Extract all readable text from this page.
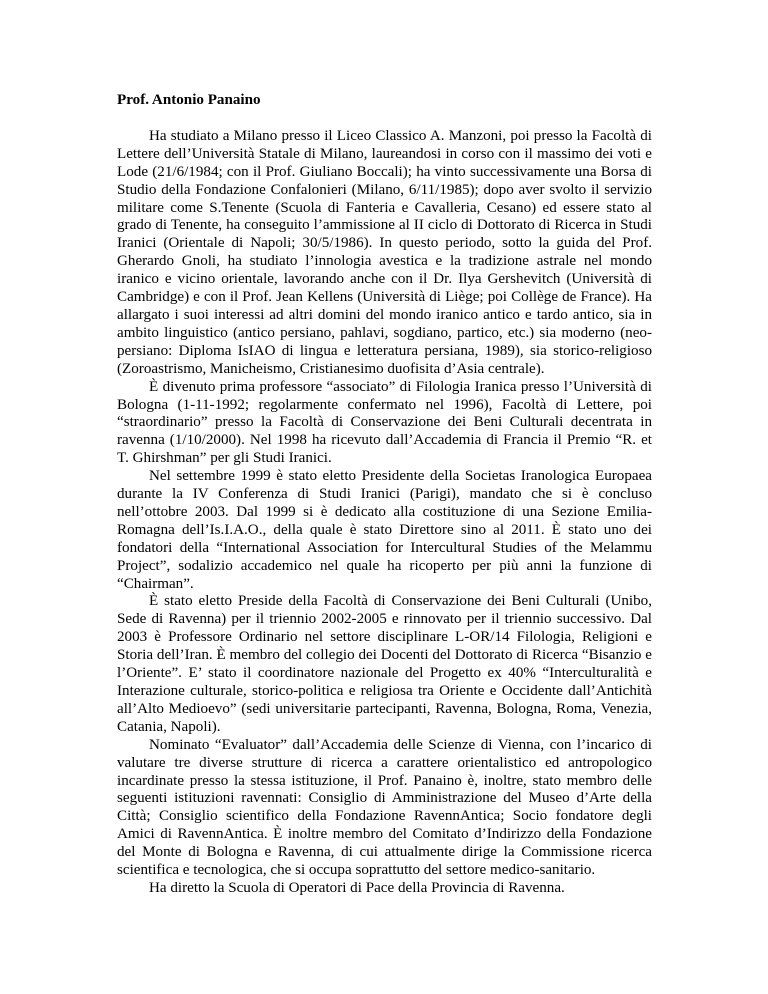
Prof. Antonio Panaino

Ha studiato a Milano presso il Liceo Classico A. Manzoni, poi presso la Facoltà di Lettere dell’Università Statale di Milano, laureandosi in corso con il massimo dei voti e Lode (21/6/1984; con il Prof. Giuliano Boccali); ha vinto successivamente una Borsa di Studio della Fondazione Confalonieri (Milano, 6/11/1985); dopo aver svolto il servizio militare come S.Tenente (Scuola di Fanteria e Cavalleria, Cesano) ed essere stato al grado di Tenente, ha conseguito l’ammissione al II ciclo di Dottorato di Ricerca in Studi Iranici (Orientale di Napoli; 30/5/1986). In questo periodo, sotto la guida del Prof. Gherardo Gnoli, ha studiato l’innologia avestica e la tradizione astrale nel mondo iranico e vicino orientale, lavorando anche con il Dr. Ilya Gershevitch (Università di Cambridge) e con il Prof. Jean Kellens (Università di Liège; poi Collège de France). Ha allargato i suoi interessi ad altri domini del mondo iranico antico e tardo antico, sia in ambito linguistico (antico persiano, pahlavi, sogdiano, partico, etc.) sia moderno (neo-persiano: Diploma IsIAO di lingua e letteratura persiana, 1989), sia storico-religioso (Zoroastrismo, Manicheismo, Cristianesimo duofisita d’Asia centrale).

È divenuto prima professore “associato” di Filologia Iranica presso l’Università di Bologna (1-11-1992; regolarmente confermato nel 1996), Facoltà di Lettere, poi “straordinario” presso la Facoltà di Conservazione dei Beni Culturali decentrata in ravenna (1/10/2000). Nel 1998 ha ricevuto dall’Accademia di Francia il Premio “R. et T. Ghirshman” per gli Studi Iranici.

Nel settembre 1999 è stato eletto Presidente della Societas Iranologica Europaea durante la IV Conferenza di Studi Iranici (Parigi), mandato che si è concluso nell’ottobre 2003. Dal 1999 si è dedicato alla costituzione di una Sezione Emilia-Romagna dell’Is.I.A.O., della quale è stato Direttore sino al 2011. È stato uno dei fondatori della “International Association for Intercultural Studies of the Melammu Project”, sodalizio accademico nel quale ha ricoperto per più anni la funzione di “Chairman”.

È stato eletto Preside della Facoltà di Conservazione dei Beni Culturali (Unibo, Sede di Ravenna) per il triennio 2002-2005 e rinnovato per il triennio successivo. Dal 2003 è Professore Ordinario nel settore disciplinare L-OR/14 Filologia, Religioni e Storia dell’Iran. È membro del collegio dei Docenti del Dottorato di Ricerca “Bisanzio e l’Oriente”. E’ stato il coordinatore nazionale del Progetto ex 40% “Interculturalità e Interazione culturale, storico-politica e religiosa tra Oriente e Occidente dall’Antichità all’Alto Medioevo” (sedi universitarie partecipanti, Ravenna, Bologna, Roma, Venezia, Catania, Napoli).

Nominato “Evaluator” dall’Accademia delle Scienze di Vienna, con l’incarico di valutare tre diverse strutture di ricerca a carattere orientalistico ed antropologico incardinate presso la stessa istituzione, il Prof. Panaino è, inoltre, stato membro delle seguenti istituzioni ravennati: Consiglio di Amministrazione del Museo d’Arte della Città; Consiglio scientifico della Fondazione RavennAntica; Socio fondatore degli Amici di RavennAntica. È inoltre membro del Comitato d’Indirizzo della Fondazione del Monte di Bologna e Ravenna, di cui attualmente dirige la Commissione ricerca scientifica e tecnologica, che si occupa soprattutto del settore medico-sanitario.

Ha diretto la Scuola di Operatori di Pace della Provincia di Ravenna.
